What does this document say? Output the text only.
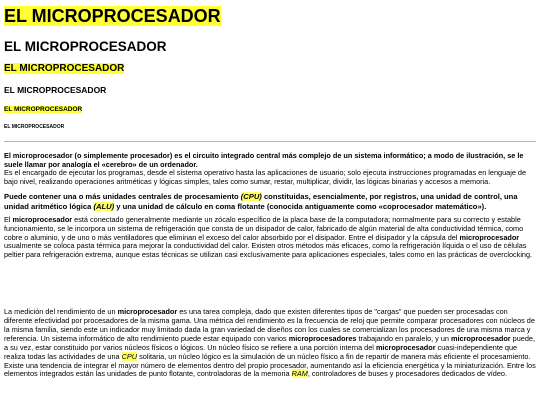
EL MICROPROCESADOR
EL MICROPROCESADOR
EL MICROPROCESADOR
EL MICROPROCESADOR
EL MICROPROCESADOR
EL MICROPROCESADOR

El microprocesador (o simplemente procesador) es el circuito integrado central más complejo de un sistema informático; a modo de ilustración, se le suele llamar por analogía el «cerebro» de un ordenador.
Es el encargado de ejecutar los programas, desde el sistema operativo hasta las aplicaciones de usuario; solo ejecuta instrucciones programadas en lenguaje de bajo nivel, realizando operaciones aritméticas y lógicas simples, tales como sumar, restar, multiplicar, dividir, las lógicas binarias y accesos a memoria.

Puede contener una o más unidades centrales de procesamiento (CPU) constituidas, esencialmente, por registros, una unidad de control, una unidad aritmético lógica (ALU) y una unidad de cálculo en coma flotante (conocida antiguamente como «coprocesador matemático»).

El microprocesador está conectado generalmente mediante un zócalo específico de la placa base de la computadora; normalmente para su correcto y estable funcionamiento, se le incorpora un sistema de refrigeración que consta de un disipador de calor, fabricado de algún material de alta conductividad térmica, como cobre o aluminio, y de uno o más ventiladores que eliminan el exceso del calor absorbido por el disipador. Entre el disipador y la cápsula del microprocesador usualmente se coloca pasta térmica para mejorar la conductividad del calor. Existen otros métodos más eficaces, como la refrigeración líquida o el uso de células peltier para refrigeración extrema, aunque estas técnicas se utilizan casi exclusivamente para aplicaciones especiales, tales como en las prácticas de overclocking.

La medición del rendimiento de un microprocesador es una tarea compleja, dado que existen diferentes tipos de "cargas" que pueden ser procesadas con diferente efectividad por procesadores de la misma gama. Una métrica del rendimiento es la frecuencia de reloj que permite comparar procesadores con núcleos de la misma familia, siendo este un indicador muy limitado dada la gran variedad de diseños con los cuales se comercializan los procesadores de una misma marca y referencia. Un sistema informático de alto rendimiento puede estar equipado con varios microprocesadores trabajando en paralelo, y un microprocesador puede, a su vez, estar constituido por varios núcleos físicos o lógicos. Un núcleo físico se refiere a una porción interna del microprocesador cuasi-independiente que realiza todas las actividades de una CPU solitaria, un núcleo lógico es la simulación de un núcleo físico a fin de repartir de manera más eficiente el procesamiento. Existe una tendencia de integrar el mayor número de elementos dentro del propio procesador, aumentando así la eficiencia energética y la miniaturización. Entre los elementos integrados están las unidades de punto flotante, controladoras de la memoria RAM, controladores de buses y procesadores dedicados de vídeo.
